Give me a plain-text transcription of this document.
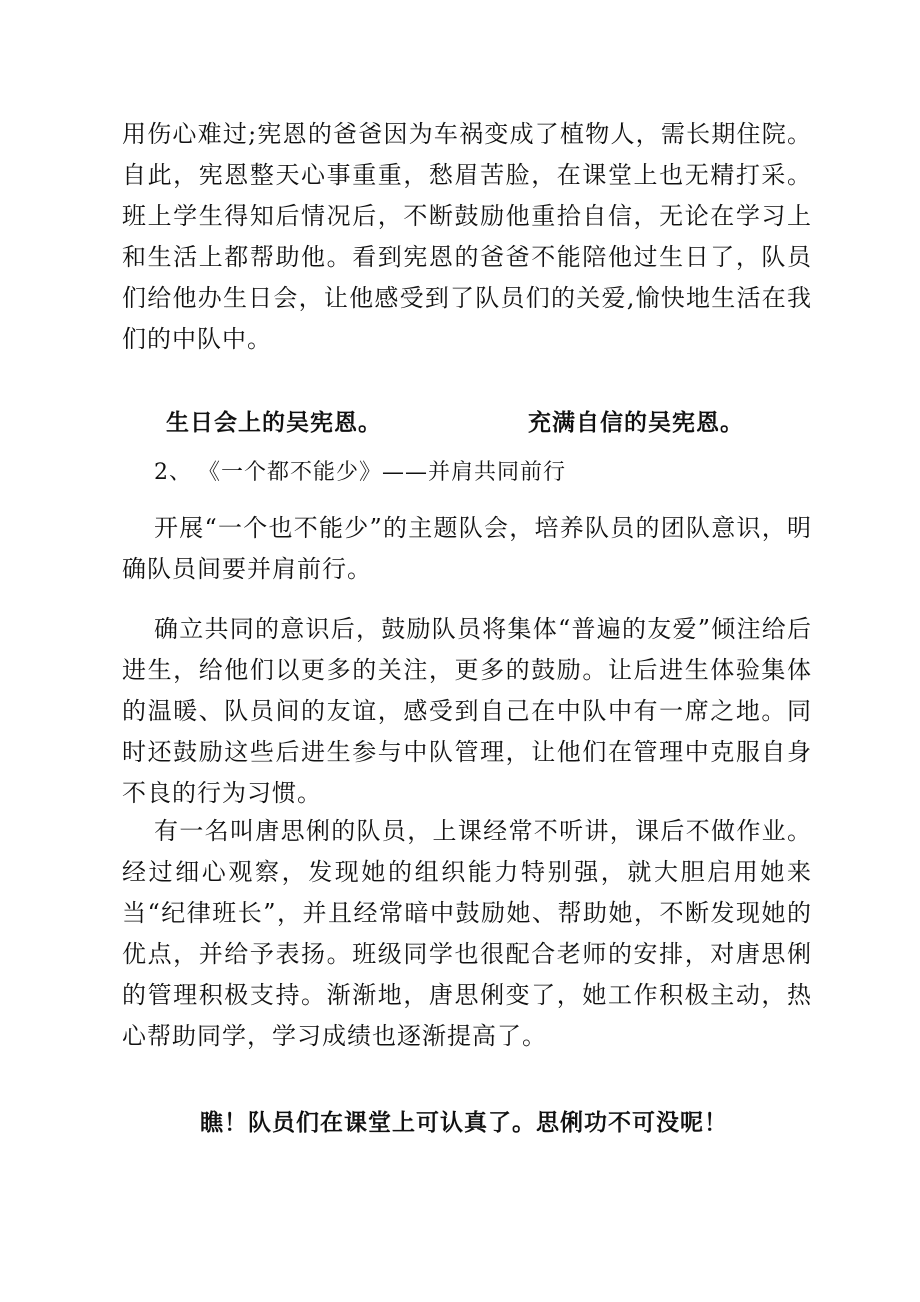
用伤心难过;宪恩的爸爸因为车祸变成了植物人，需长期住院。自此，宪恩整天心事重重，愁眉苦脸，在课堂上也无精打采。班上学生得知后情况后，不断鼓励他重拾自信，无论在学习上和生活上都帮助他。看到宪恩的爸爸不能陪他过生日了，队员们给他办生日会，让他感受到了队员们的关爱,愉快地生活在我们的中队中。

生日会上的吴宪恩。	充满自信的吴宪恩。
2、 《一个都不能少》——并肩共同前行

开展“一个也不能少”的主题队会，培养队员的团队意识，明确队员间要并肩前行。

确立共同的意识后，鼓励队员将集体“普遍的友爱”倾注给后进生，给他们以更多的关注，更多的鼓励。让后进生体验集体的温暖、队员间的友谊，感受到自己在中队中有一席之地。同时还鼓励这些后进生参与中队管理，让他们在管理中克服自身不良的行为习惯。

有一名叫唐思俐的队员，上课经常不听讲，课后不做作业。经过细心观察，发现她的组织能力特别强，就大胆启用她来当“纪律班长”，并且经常暗中鼓励她、帮助她，不断发现她的优点，并给予表扬。班级同学也很配合老师的安排，对唐思俐的管理积极支持。渐渐地，唐思俐变了，她工作积极主动，热心帮助同学，学习成绩也逐渐提高了。

瞧！队员们在课堂上可认真了。思俐功不可没呢！
